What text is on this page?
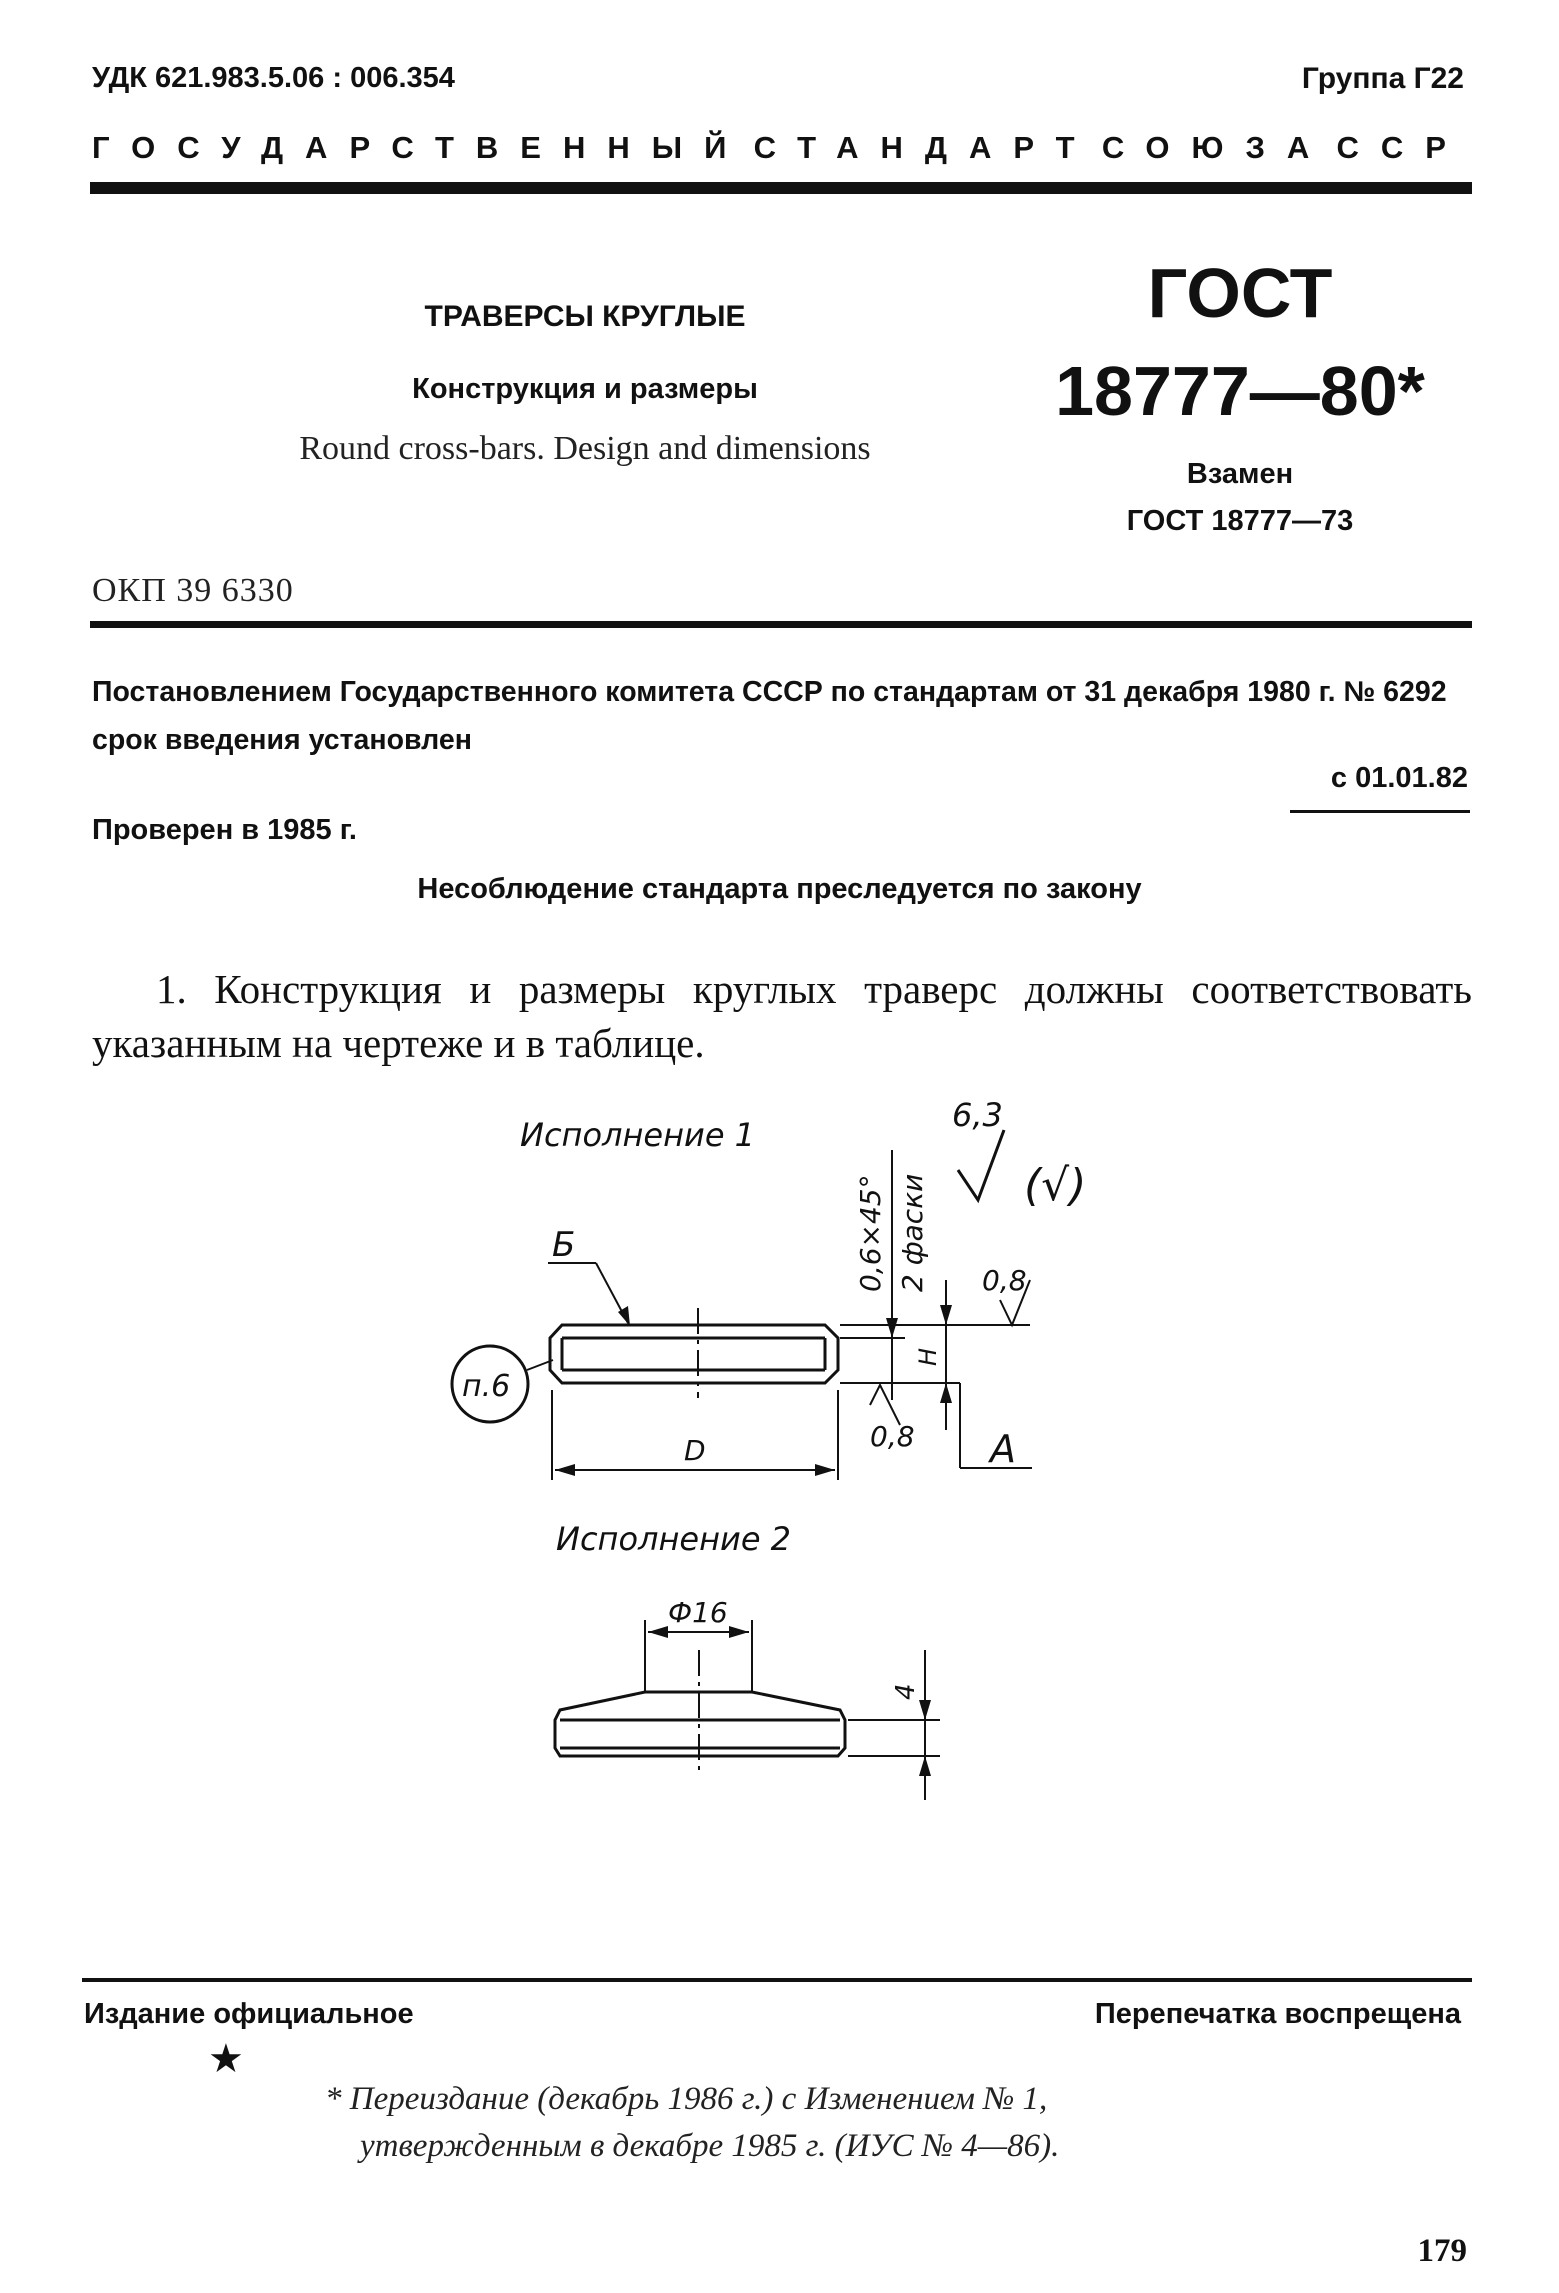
УДК 621.983.5.06 : 006.354	Группа Г22
ГОСУДАРСТВЕННЫЙ СТАНДАРТ СОЮЗА ССР
ТРАВЕРСЫ КРУГЛЫЕ
Конструкция и размеры
Round cross-bars. Design and dimensions
ГОСТ
18777—80*
Взамен
ГОСТ 18777—73
ОКП 39 6330
Постановлением Государственного комитета СССР по стандартам от 31 декабря 1980 г. № 6292 срок введения установлен
с 01.01.82
Проверен в 1985 г.
Несоблюдение стандарта преследуется по закону
1. Конструкция и размеры круглых траверс должны соответствовать указанным на чертеже и в таблице.
Исполнение 1
6,3
(√)
0,6×45° 2 фаски 0,8
0,8
Б
п.6
D
H
A
Исполнение 2
Ф16
4
Издание официальное	Перепечатка воспрещена
★
* Переиздание (декабрь 1986 г.) с Изменением № 1,
утвержденным в декабре 1985 г. (ИУС № 4—86).
179
